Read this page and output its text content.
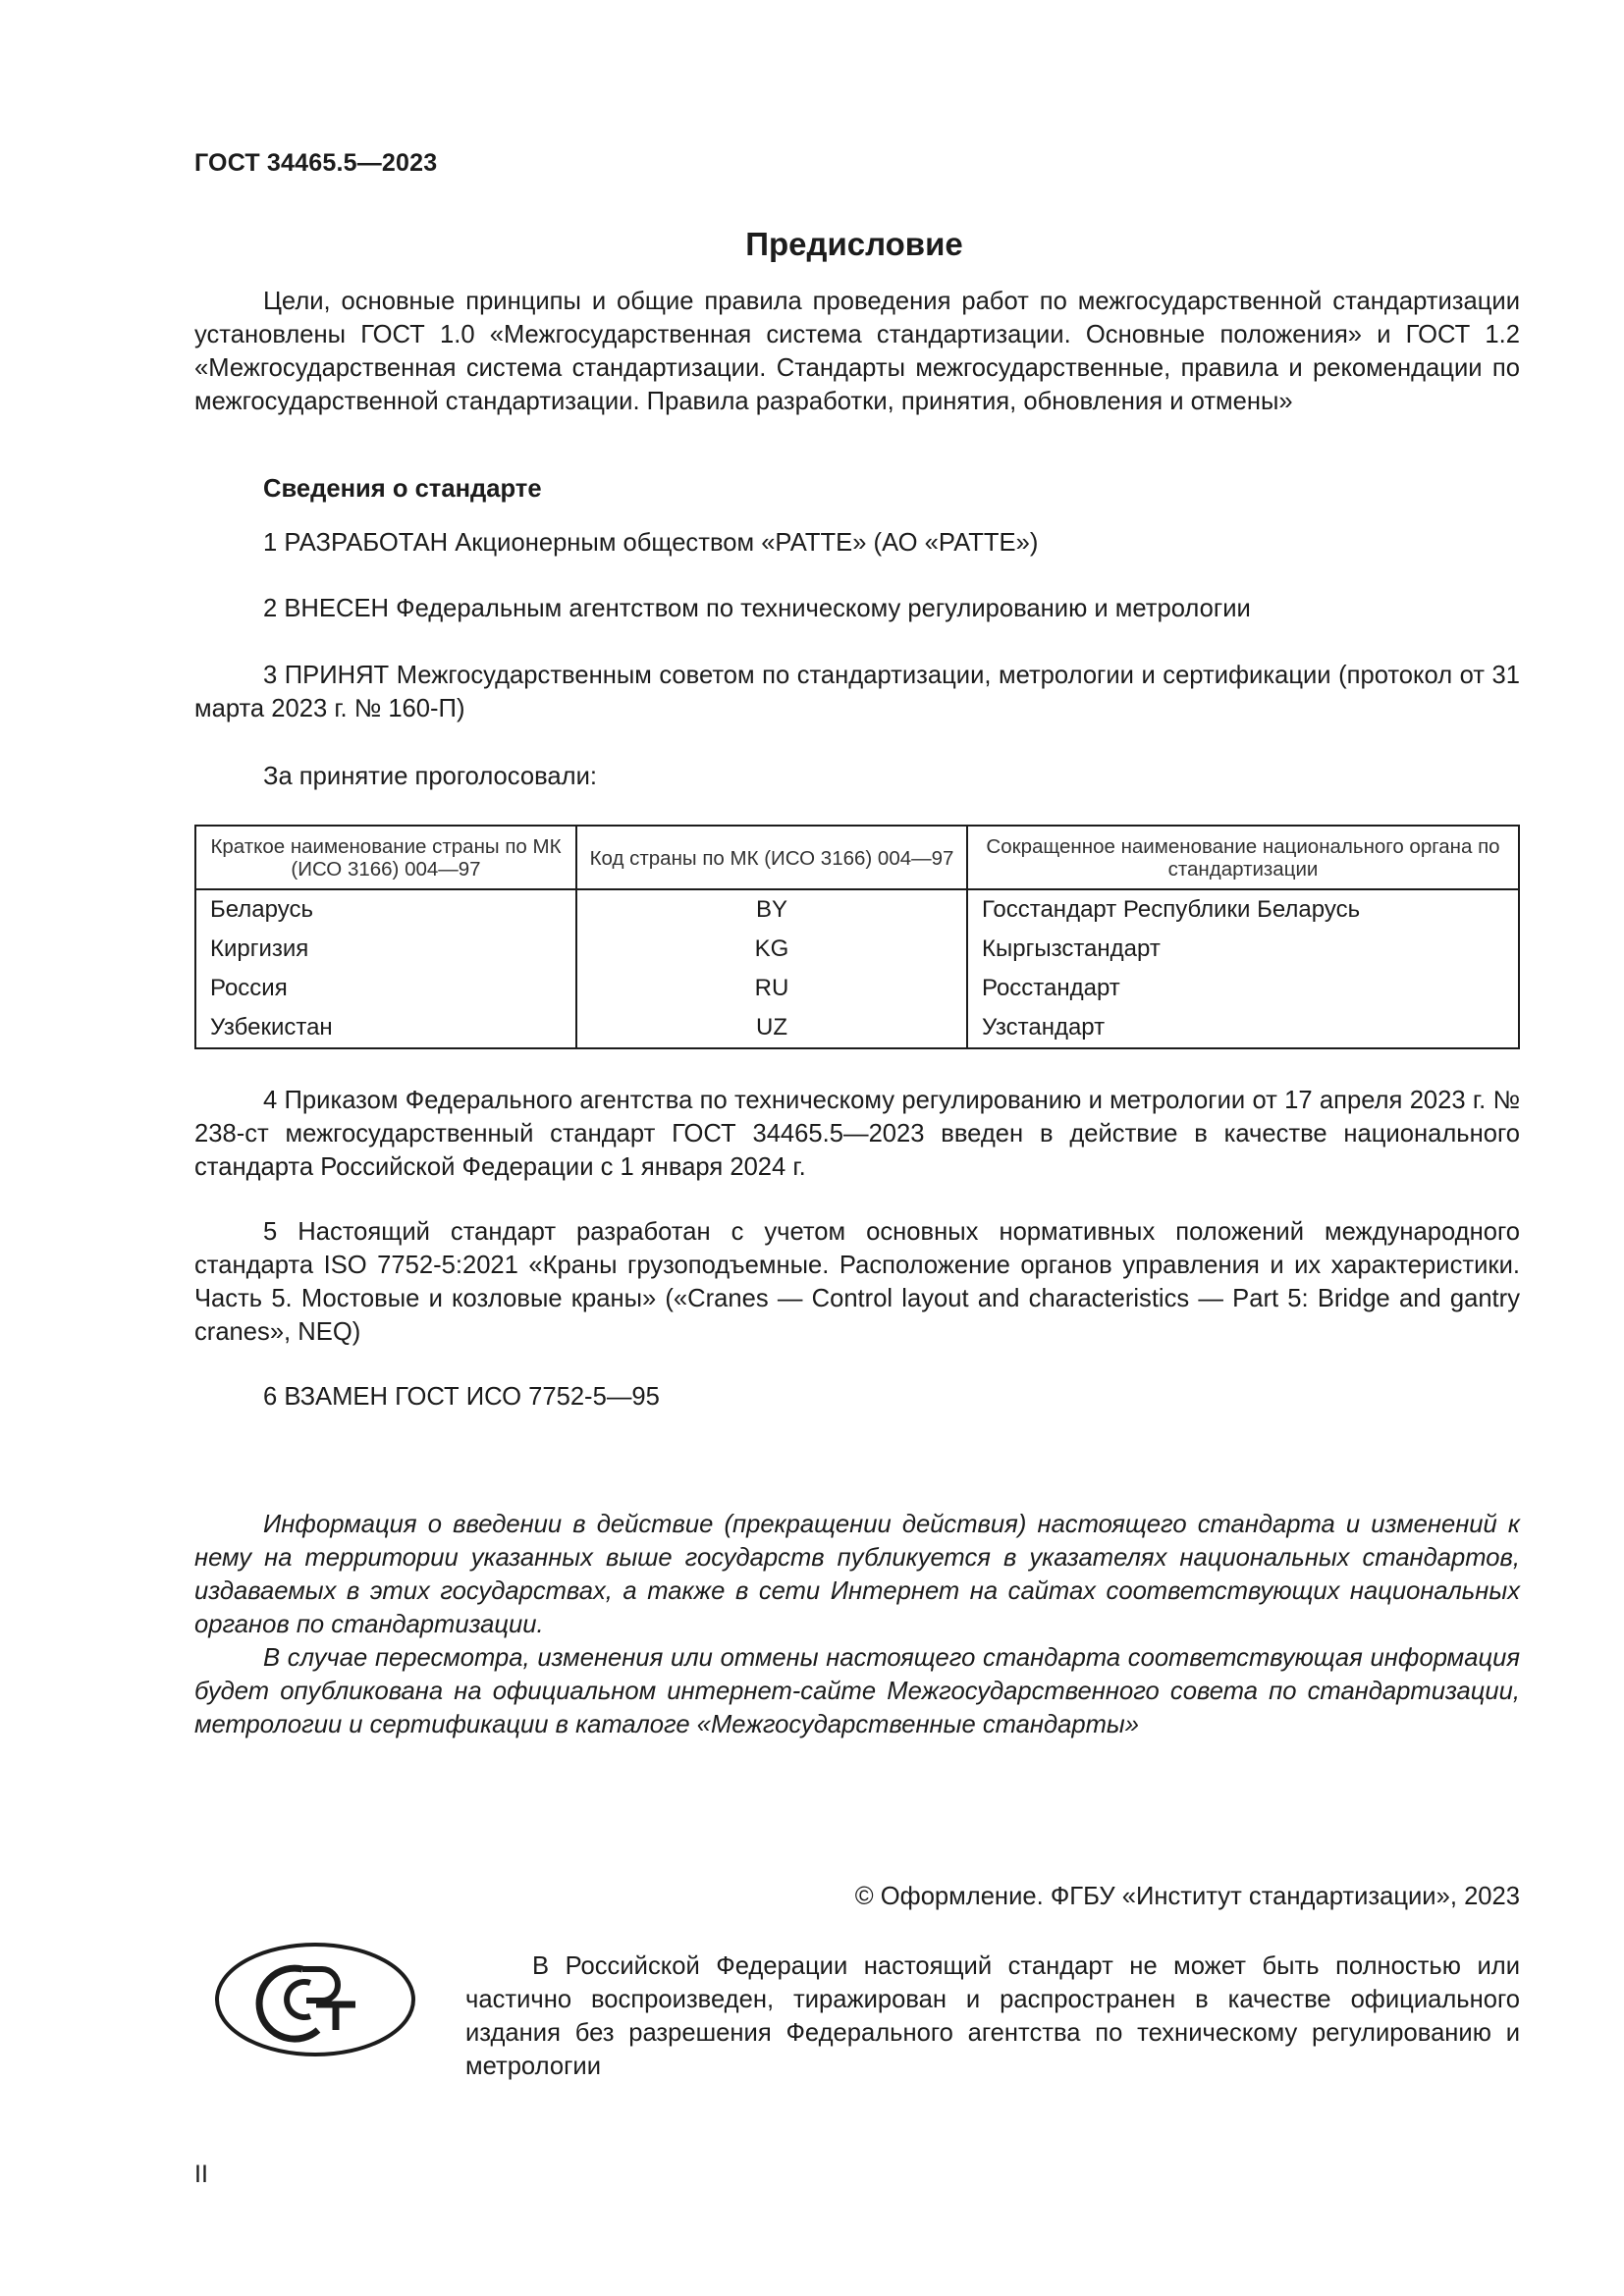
ГОСТ 34465.5—2023
Предисловие

Цели, основные принципы и общие правила проведения работ по межгосударственной стандартизации установлены ГОСТ 1.0 «Межгосударственная система стандартизации. Основные положения» и ГОСТ 1.2 «Межгосударственная система стандартизации. Стандарты межгосударственные, правила и рекомендации по межгосударственной стандартизации. Правила разработки, принятия, обновления и отмены»

Сведения о стандарте

1 РАЗРАБОТАН Акционерным обществом «РАТТЕ» (АО «РАТТЕ»)

2 ВНЕСЕН Федеральным агентством по техническому регулированию и метрологии

3 ПРИНЯТ Межгосударственным советом по стандартизации, метрологии и сертификации (протокол от 31 марта 2023 г. № 160-П)

За принятие проголосовали:

Краткое наименование страны по МК (ИСО 3166) 004—97	Код страны по МК (ИСО 3166) 004—97	Сокращенное наименование национального органа по стандартизации
Беларусь	BY	Госстандарт Республики Беларусь
Киргизия	KG	Кыргызстандарт
Россия	RU	Росстандарт
Узбекистан	UZ	Узстандарт

4 Приказом Федерального агентства по техническому регулированию и метрологии от 17 апреля 2023 г. № 238-ст межгосударственный стандарт ГОСТ 34465.5—2023 введен в действие в качестве национального стандарта Российской Федерации с 1 января 2024 г.

5 Настоящий стандарт разработан с учетом основных нормативных положений международного стандарта ISO 7752-5:2021 «Краны грузоподъемные. Расположение органов управления и их характеристики. Часть 5. Мостовые и козловые краны» («Cranes — Control layout and characteristics — Part 5: Bridge and gantry cranes», NEQ)

6 ВЗАМЕН ГОСТ ИСО 7752-5—95

Информация о введении в действие (прекращении действия) настоящего стандарта и изменений к нему на территории указанных выше государств публикуется в указателях национальных стандартов, издаваемых в этих государствах, а также в сети Интернет на сайтах соответствующих национальных органов по стандартизации.

В случае пересмотра, изменения или отмены настоящего стандарта соответствующая информация будет опубликована на официальном интернет-сайте Межгосударственного совета по стандартизации, метрологии и сертификации в каталоге «Межгосударственные стандарты»

© Оформление. ФГБУ «Институт стандартизации», 2023

В Российской Федерации настоящий стандарт не может быть полностью или частично воспроизведен, тиражирован и распространен в качестве официального издания без разрешения Федерального агентства по техническому регулированию и метрологии

II
